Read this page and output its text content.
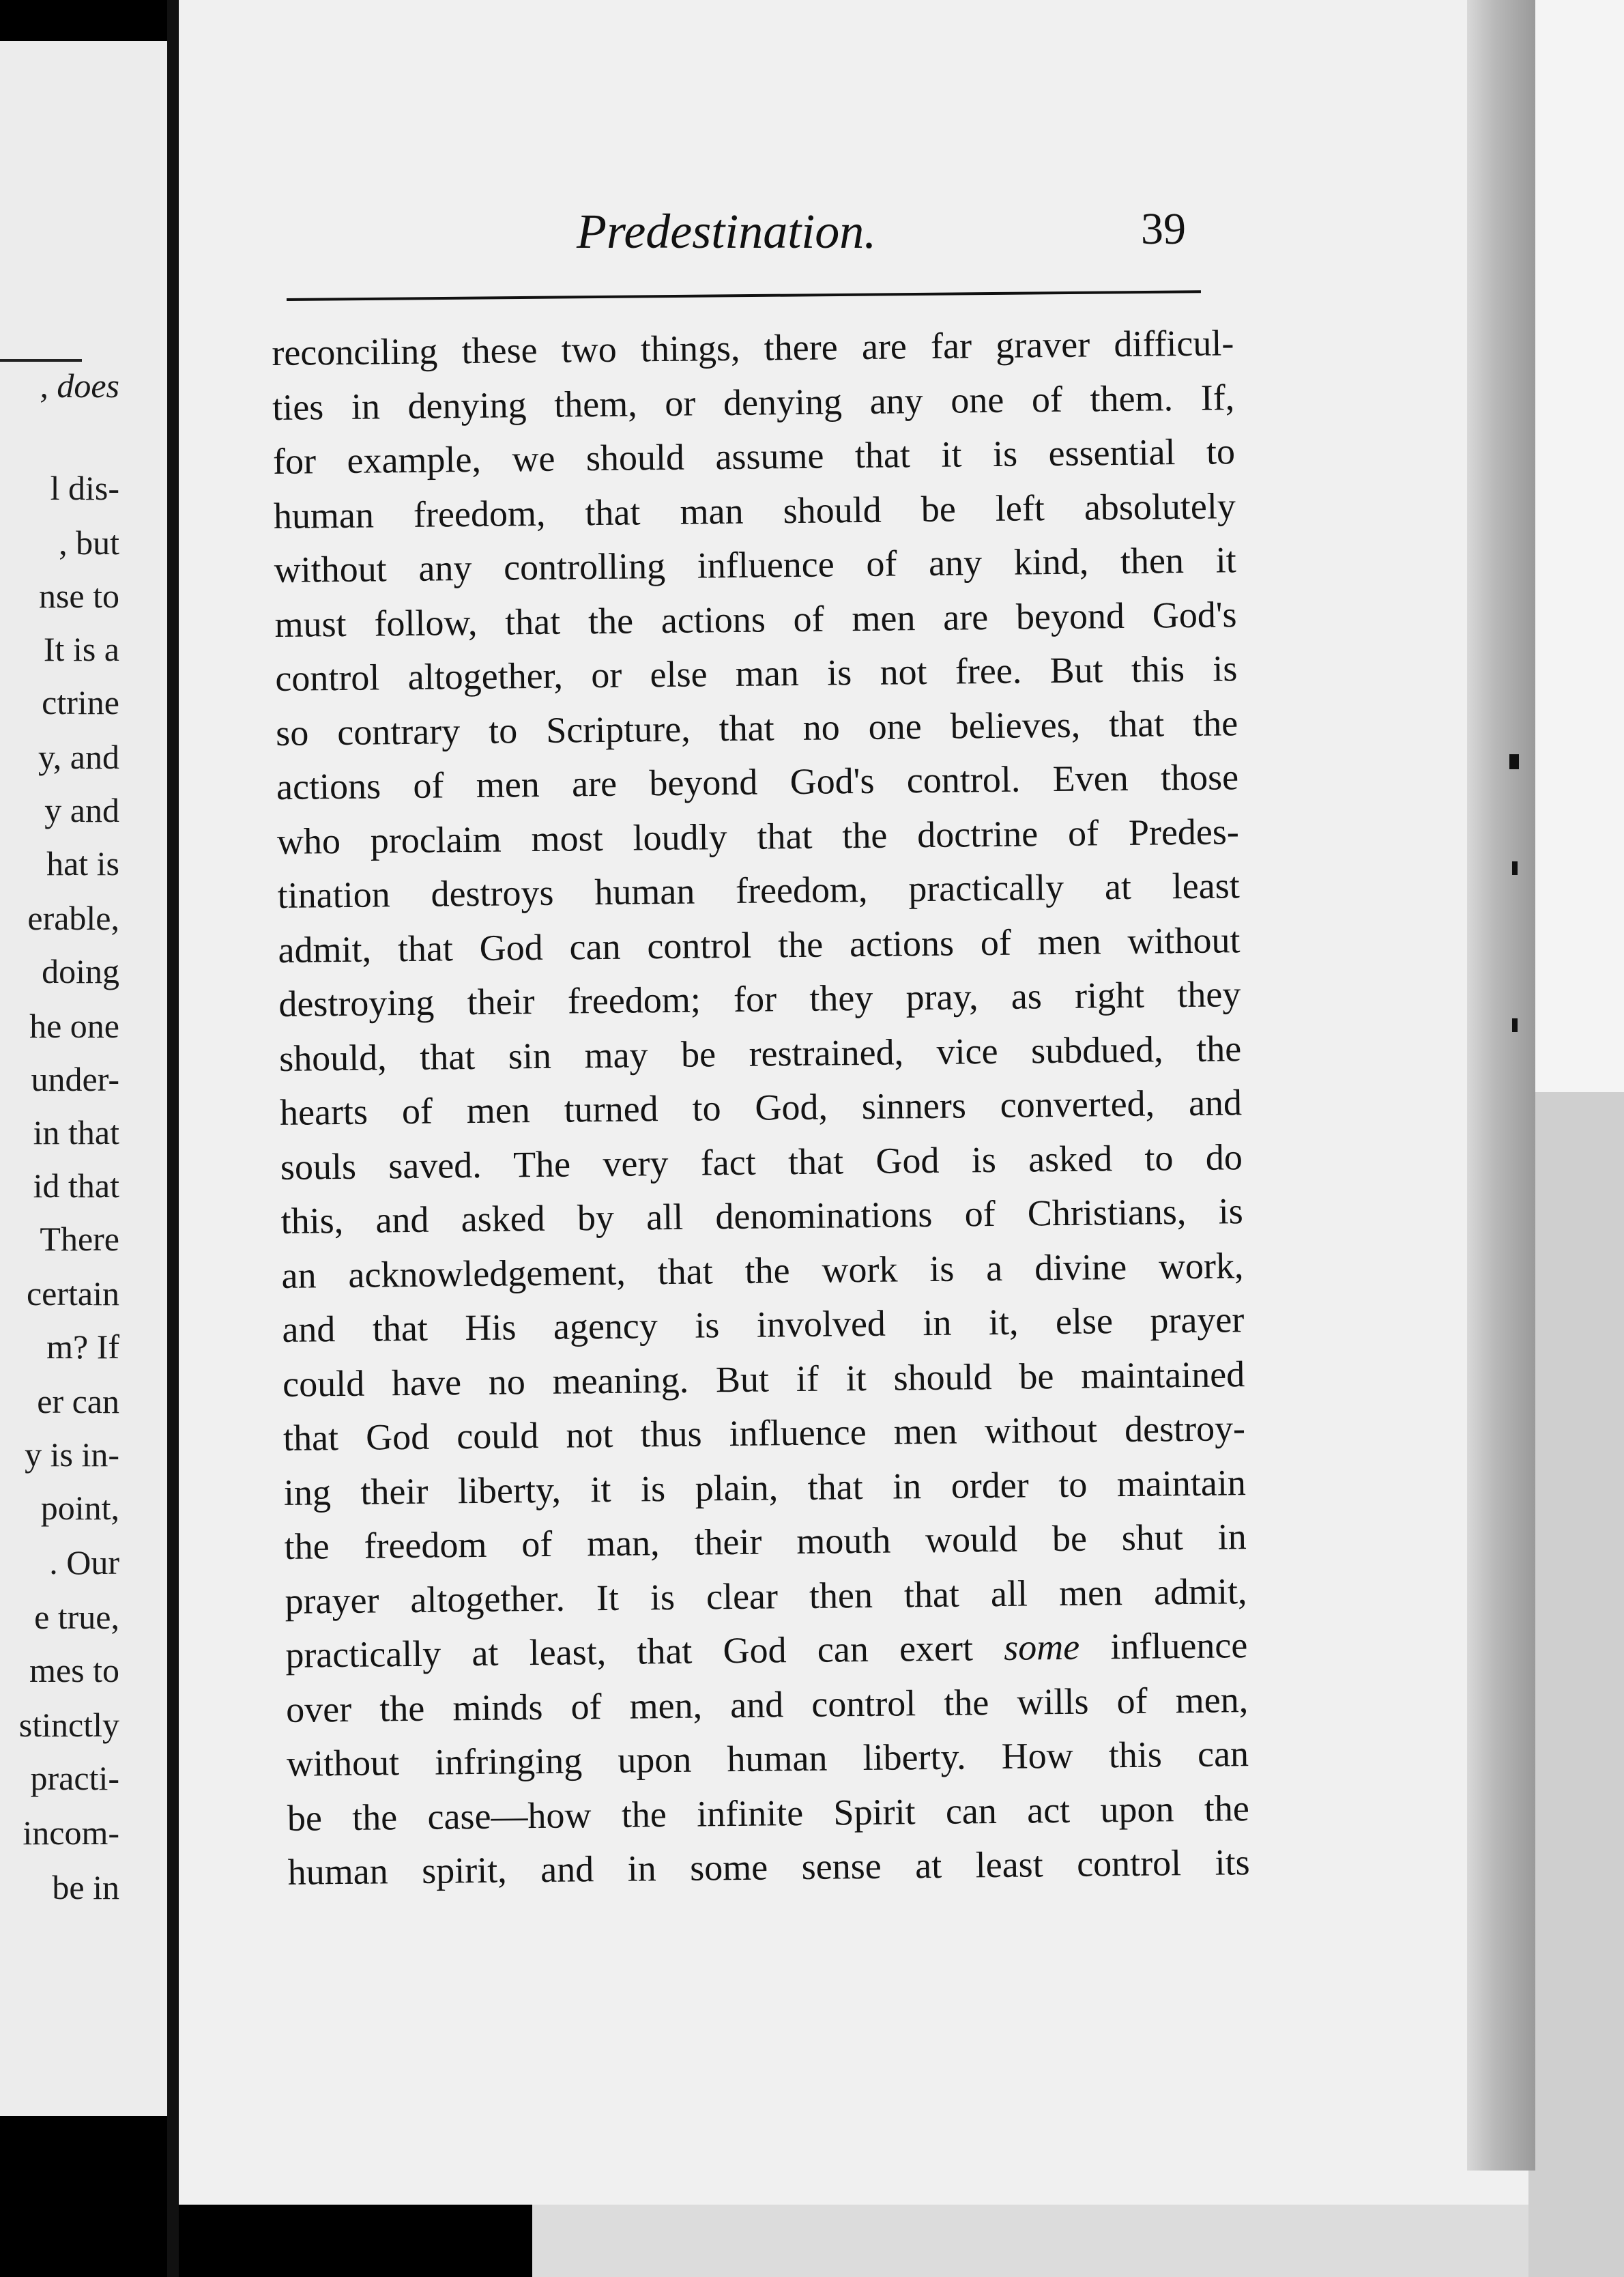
, does
l dis-
, but
nse to
It is a
ctrine
y, and
y and
hat is
erable,
doing
he one
under-
in that
id that
There
certain
m? If
er can
y is in-
point,
. Our
e true,
mes to
stinctly
practi-
incom-
be in
Predestination.	39
reconciling these two things, there are far graver difficul-
ties in denying them, or denying any one of them. If,
for example, we should assume that it is essential to
human freedom, that man should be left absolutely
without any controlling influence of any kind, then it
must follow, that the actions of men are beyond God's
control altogether, or else man is not free. But this is
so contrary to Scripture, that no one believes, that the
actions of men are beyond God's control. Even those
who proclaim most loudly that the doctrine of Predes-
tination destroys human freedom, practically at least
admit, that God can control the actions of men without
destroying their freedom; for they pray, as right they
should, that sin may be restrained, vice subdued, the
hearts of men turned to God, sinners converted, and
souls saved. The very fact that God is asked to do
this, and asked by all denominations of Christians, is
an acknowledgement, that the work is a divine work,
and that His agency is involved in it, else prayer
could have no meaning. But if it should be maintained
that God could not thus influence men without destroy-
ing their liberty, it is plain, that in order to maintain
the freedom of man, their mouth would be shut in
prayer altogether. It is clear then that all men admit,
practically at least, that God can exert some influence
over the minds of men, and control the wills of men,
without infringing upon human liberty. How this can
be the case—how the infinite Spirit can act upon the
human spirit, and in some sense at least control its
